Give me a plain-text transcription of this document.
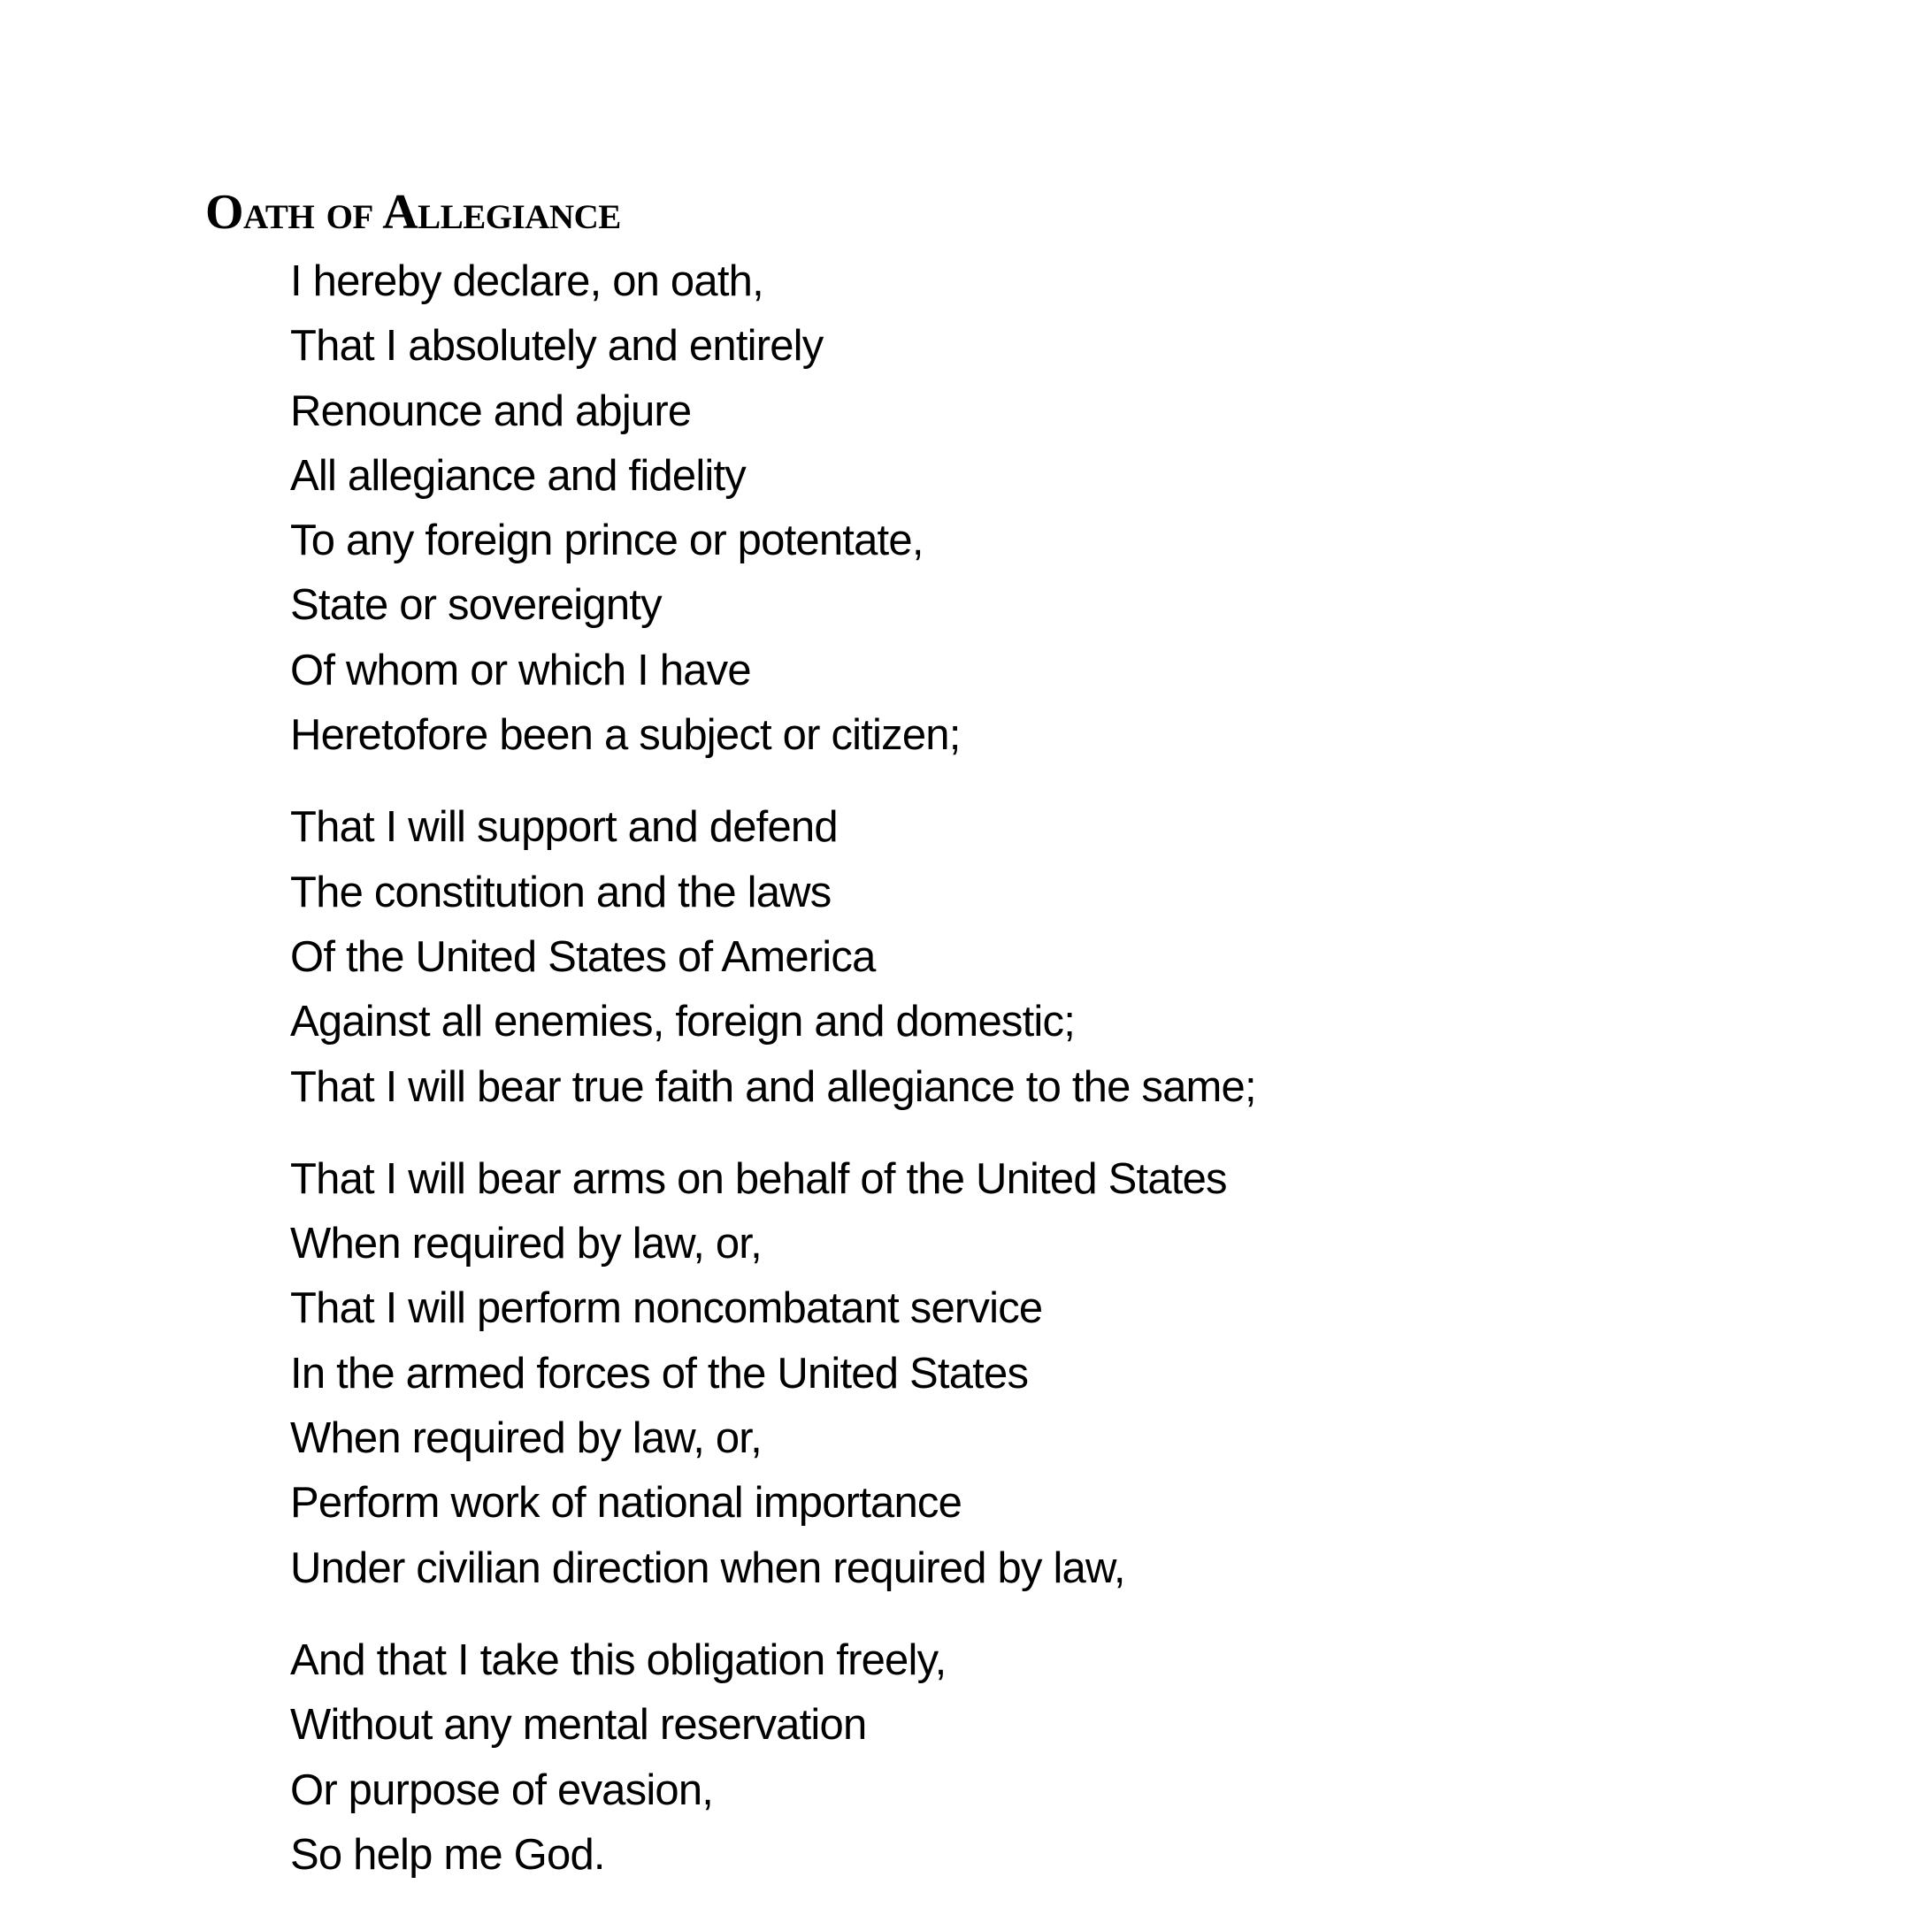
Oath of Allegiance
I hereby declare, on oath,
That I absolutely and entirely
Renounce and abjure
All allegiance and fidelity
To any foreign prince or potentate,
State or sovereignty
Of whom or which I have
Heretofore been a subject or citizen;
That I will support and defend
The constitution and the laws
Of the United States of America
Against all enemies, foreign and domestic;
That I will bear true faith and allegiance to the same;
That I will bear arms on behalf of the United States
When required by law, or,
That I will perform noncombatant service
In the armed forces of the United States
When required by law, or,
Perform work of national importance
Under civilian direction when required by law,
And that I take this obligation freely,
Without any mental reservation
Or purpose of evasion,
So help me God.
